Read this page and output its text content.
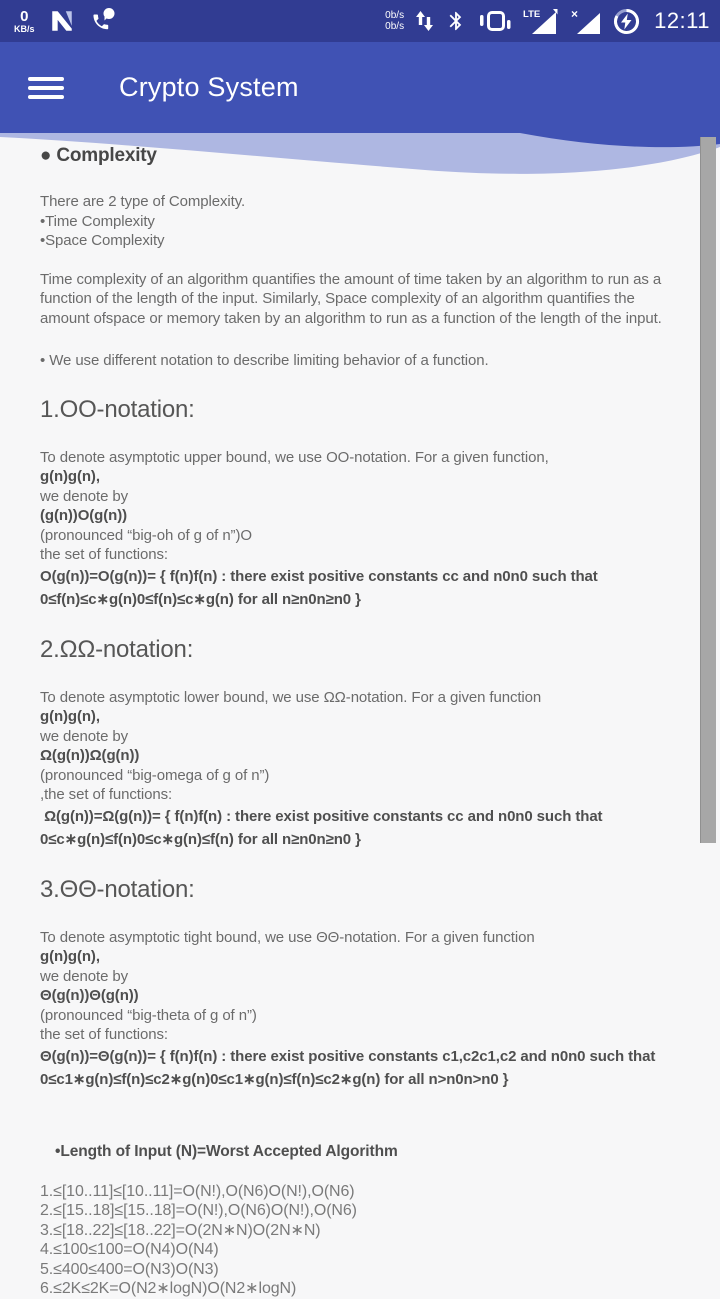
0
KB/s
0b/s
0b/s
LTE	×	12:11
Crypto System
● Complexity
There are 2 type of Complexity.
•Time Complexity
•Space Complexity
Time complexity of an algorithm quantifies the amount of time taken by an algorithm to run as a function of the length of the input. Similarly, Space complexity of an algorithm quantifies the amount ofspace or memory taken by an algorithm to run as a function of the length of the input.
• We use different notation to describe limiting behavior of a function.
1.OO-notation:
To denote asymptotic upper bound, we use OO-notation. For a given function,
g(n)g(n),
we denote by
(g(n))O(g(n))
(pronounced “big-oh of g of n”)O
the set of functions:
O(g(n))=O(g(n))= { f(n)f(n) : there exist positive constants cc and n0n0 such that
0≤f(n)≤c∗g(n)0≤f(n)≤c∗g(n) for all n≥n0n≥n0 }
2.ΩΩ-notation:
To denote asymptotic lower bound, we use ΩΩ-notation. For a given function
g(n)g(n),
we denote by
Ω(g(n))Ω(g(n))
(pronounced “big-omega of g of n”)
,the set of functions:
Ω(g(n))=Ω(g(n))= { f(n)f(n) : there exist positive constants cc and n0n0 such that
0≤c∗g(n)≤f(n)0≤c∗g(n)≤f(n) for all n≥n0n≥n0 }
3.ΘΘ-notation:
To denote asymptotic tight bound, we use ΘΘ-notation. For a given function
g(n)g(n),
we denote by
Θ(g(n))Θ(g(n))
(pronounced “big-theta of g of n”)
the set of functions:
Θ(g(n))=Θ(g(n))= { f(n)f(n) : there exist positive constants c1,c2c1,c2 and n0n0 such that
0≤c1∗g(n)≤f(n)≤c2∗g(n)0≤c1∗g(n)≤f(n)≤c2∗g(n) for all n>n0n>n0 }
•Length of Input (N)=Worst Accepted Algorithm
1.≤[10..11]≤[10..11]=O(N!),O(N6)O(N!),O(N6)
2.≤[15..18]≤[15..18]=O(N!),O(N6)O(N!),O(N6)
3.≤[18..22]≤[18..22]=O(2N∗N)O(2N∗N)
4.≤100≤100=O(N4)O(N4)
5.≤400≤400=O(N3)O(N3)
6.≤2K≤2K=O(N2∗logN)O(N2∗logN)
